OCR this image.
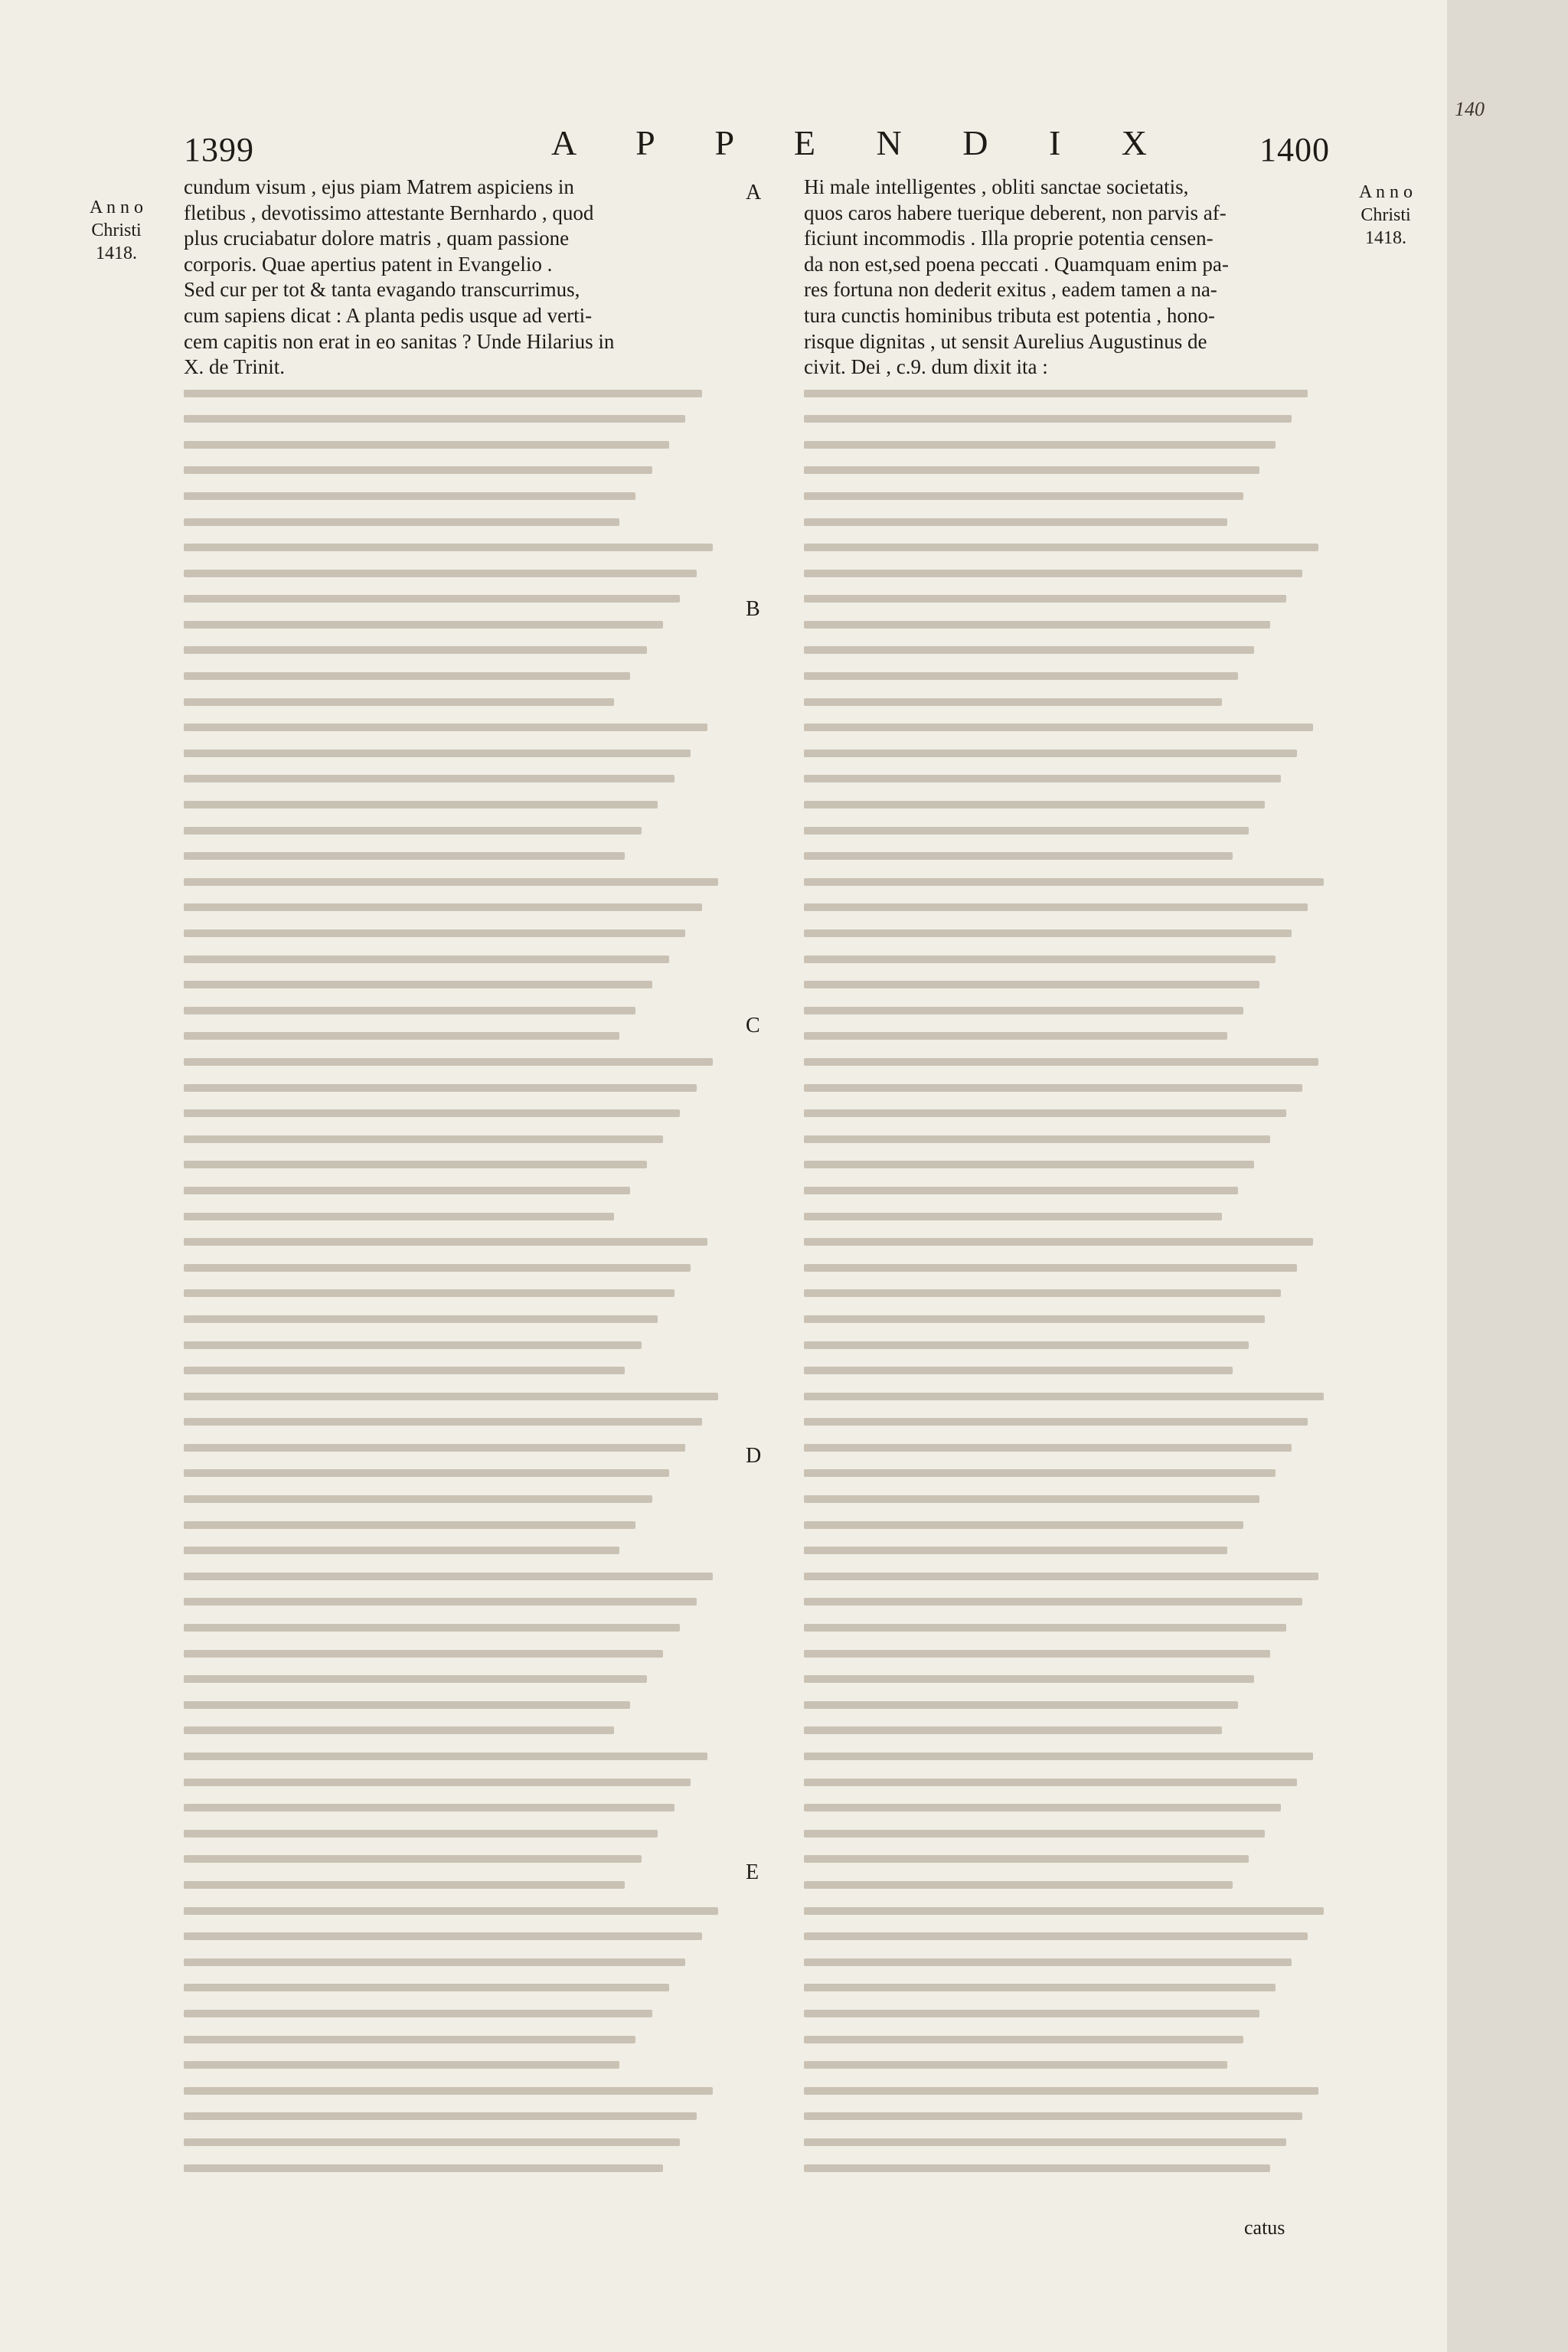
1399	A P P E N D I X	1400
A n n o
Christi
1418.
A n n o
Christi
1418.
A
B
C
D
E
cundum visum , ejus piam Matrem aspiciens in
fletibus , devotissimo attestante Bernhardo , quod
plus cruciabatur dolore matris , quam passione
corporis. Quae apertius patent in Evangelio .
Sed cur per tot & tanta evagando transcurrimus,
cum sapiens dicat : A planta pedis usque ad verti-
cem capitis non erat in eo sanitas ? Unde Hilarius in
X. de Trinit.
Hi male intelligentes , obliti sanctae societatis,
quos caros habere tuerique deberent, non parvis af-
ficiunt incommodis . Illa proprie potentia censen-
da non est,sed poena peccati . Quamquam enim pa-
res fortuna non dederit exitus , eadem tamen a na-
tura cunctis hominibus tributa est potentia , hono-
risque dignitas , ut sensit Aurelius Augustinus de
civit. Dei , c.9. dum dixit ita :
catus
140
